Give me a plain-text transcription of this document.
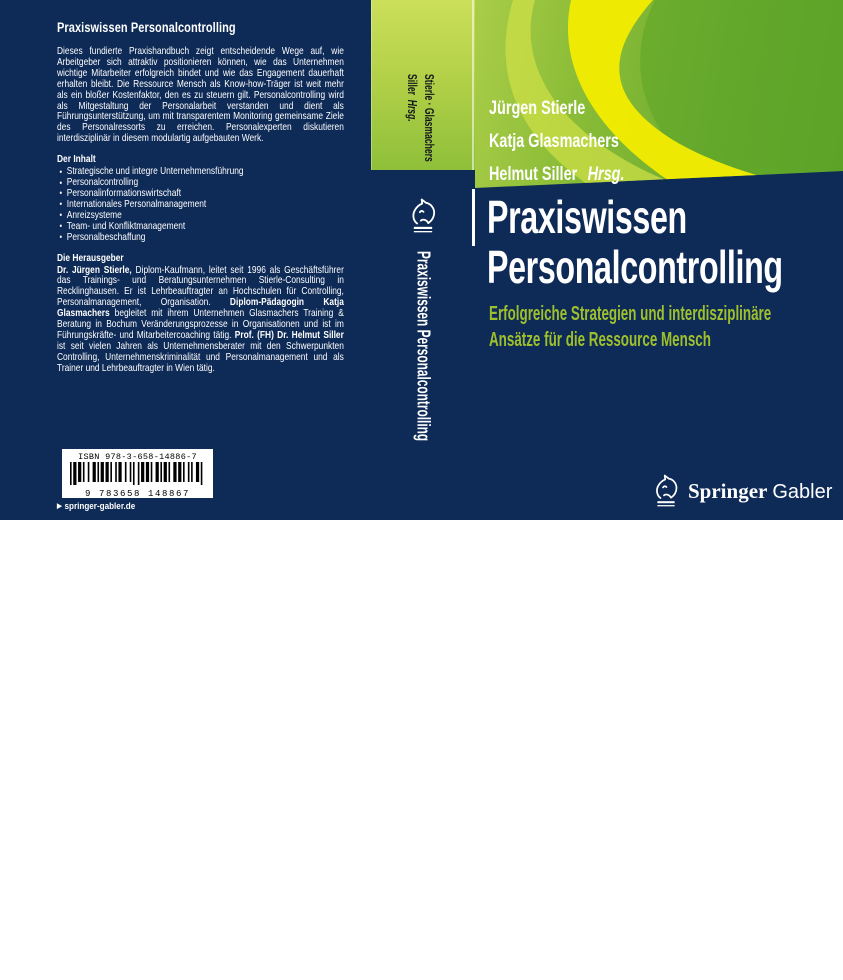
Praxiswissen Personalcontrolling

Dieses fundierte Praxishandbuch zeigt entscheidende Wege auf, wie Arbeitgeber sich attraktiv positionieren können, wie das Unternehmen wichtige Mitarbeiter erfolgreich bindet und wie das Engagement dauerhaft erhalten bleibt. Die Ressource Mensch als Know-how-Träger ist weit mehr als ein bloßer Kostenfaktor, den es zu steuern gilt. Personalcontrolling wird als Mitgestaltung der Personalarbeit verstanden und dient als Führungsunterstützung, um mit transparentem Monitoring gemeinsame Ziele des Personalressorts zu erreichen. Personalexperten diskutieren interdisziplinär in diesem modulartig aufgebauten Werk.

Der Inhalt
• Strategische und integre Unternehmensführung
• Personalcontrolling
• Personalinformationswirtschaft
• Internationales Personalmanagement
• Anreizsysteme
• Team- und Konfliktmanagement
• Personalbeschaffung
Die Herausgeber

Dr. Jürgen Stierle, Diplom-Kaufmann, leitet seit 1996 als Geschäftsführer das Trainings- und Beratungsunternehmen Stierle-Consulting in Recklinghausen. Er ist Lehrbeauftragter an Hochschulen für Controlling, Personalmanagement, Organisation. Diplom-Pädagogin Katja Glasmachers begleitet mit ihrem Unternehmen Glasmachers Training & Beratung in Bochum Veränderungsprozesse in Organisationen und ist im Führungskräfte- und Mitarbeitercoaching tätig. Prof. (FH) Dr. Helmut Siller ist seit vielen Jahren als Unternehmensberater mit den Schwerpunkten Controlling, Unternehmenskriminalität und Personalmanagement und als Trainer und Lehrbeauftragter in Wien tätig.

ISBN 978-3-658-14886-7
9 783658 148867
▶ springer-gabler.de
Stierle · Glasmachers
Siller  Hrsg.
Praxiswissen Personalcontrolling
Jürgen Stierle
Katja Glasmachers
Helmut Siller Hrsg.
Praxiswissen
Personalcontrolling
Erfolgreiche Strategien und interdisziplinäre
Ansätze für die Ressource Mensch
Springer Gabler
